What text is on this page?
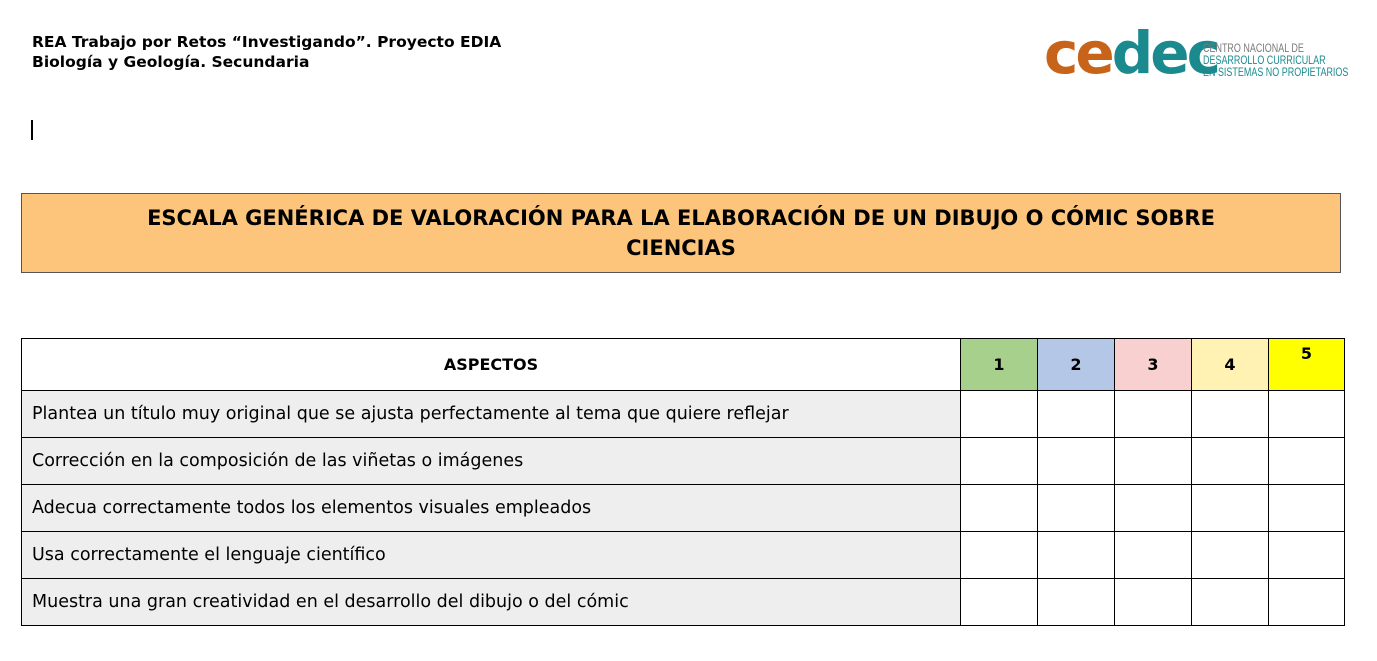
REA Trabajo por Retos “Investigando”. Proyecto EDIA
Biología y Geología. Secundaria	cedec
CENTRO NACIONAL DE
DESARROLLO CURRICULAR
EN SISTEMAS NO PROPIETARIOS
ESCALA GENÉRICA DE VALORACIÓN PARA LA ELABORACIÓN DE UN DIBUJO O CÓMIC SOBRE CIENCIAS
ASPECTOS	1	2	3	4	5
Plantea un título muy original que se ajusta perfectamente al tema que quiere reflejar					
Corrección en la composición de las viñetas o imágenes					
Adecua correctamente todos los elementos visuales empleados					
Usa correctamente el lenguaje científico					
Muestra una gran creatividad en el desarrollo del dibujo o del cómic					
